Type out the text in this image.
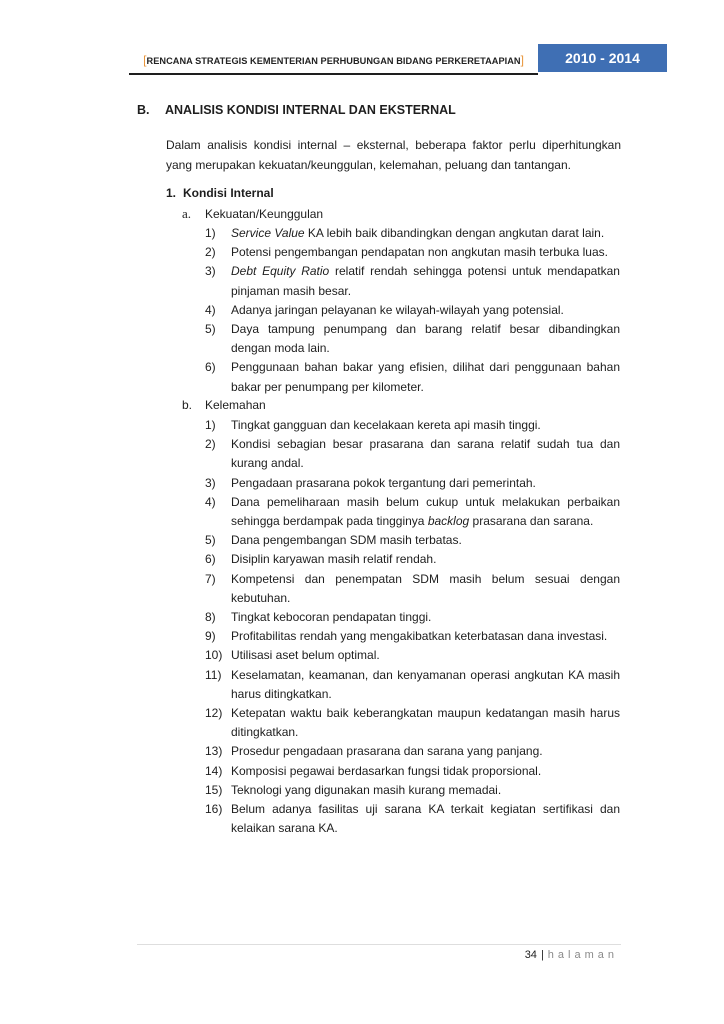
[RENCANA STRATEGIS KEMENTERIAN PERHUBUNGAN BIDANG PERKERETAAPIAN]	2010 - 2014
B. ANALISIS KONDISI INTERNAL DAN EKSTERNAL
Dalam analisis kondisi internal – eksternal, beberapa faktor perlu diperhitungkan yang merupakan kekuatan/keunggulan, kelemahan, peluang dan tantangan.
1. Kondisi Internal
a. Kekuatan/Keunggulan
1)	Service Value KA lebih baik dibandingkan dengan angkutan darat lain.
2)	Potensi pengembangan pendapatan non angkutan masih terbuka luas.
3)	Debt Equity Ratio relatif rendah sehingga potensi untuk mendapatkan pinjaman masih besar.
4)	Adanya jaringan pelayanan ke wilayah-wilayah yang potensial.
5)	Daya tampung penumpang dan barang relatif besar dibandingkan dengan moda lain.
6)	Penggunaan bahan bakar yang efisien, dilihat dari penggunaan bahan bakar per penumpang per kilometer.
b. Kelemahan
1)	Tingkat gangguan dan kecelakaan kereta api masih tinggi.
2)	Kondisi sebagian besar prasarana dan sarana relatif sudah tua dan kurang andal.
3)	Pengadaan prasarana pokok tergantung dari pemerintah.
4)	Dana pemeliharaan masih belum cukup untuk melakukan perbaikan sehingga berdampak pada tingginya backlog prasarana dan sarana.
5)	Dana pengembangan SDM masih terbatas.
6)	Disiplin karyawan masih relatif rendah.
7)	Kompetensi dan penempatan SDM masih belum sesuai dengan kebutuhan.
8)	Tingkat kebocoran pendapatan tinggi.
9)	Profitabilitas rendah yang mengakibatkan keterbatasan dana investasi.
10) Utilisasi aset belum optimal.
11) Keselamatan, keamanan, dan kenyamanan operasi angkutan KA masih harus ditingkatkan.
12) Ketepatan waktu baik keberangkatan maupun kedatangan masih harus ditingkatkan.
13) Prosedur pengadaan prasarana dan sarana yang panjang.
14) Komposisi pegawai berdasarkan fungsi tidak proporsional.
15) Teknologi yang digunakan masih kurang memadai.
16) Belum adanya fasilitas uji sarana KA terkait kegiatan sertifikasi dan kelaikan sarana KA.
34 | halaman
